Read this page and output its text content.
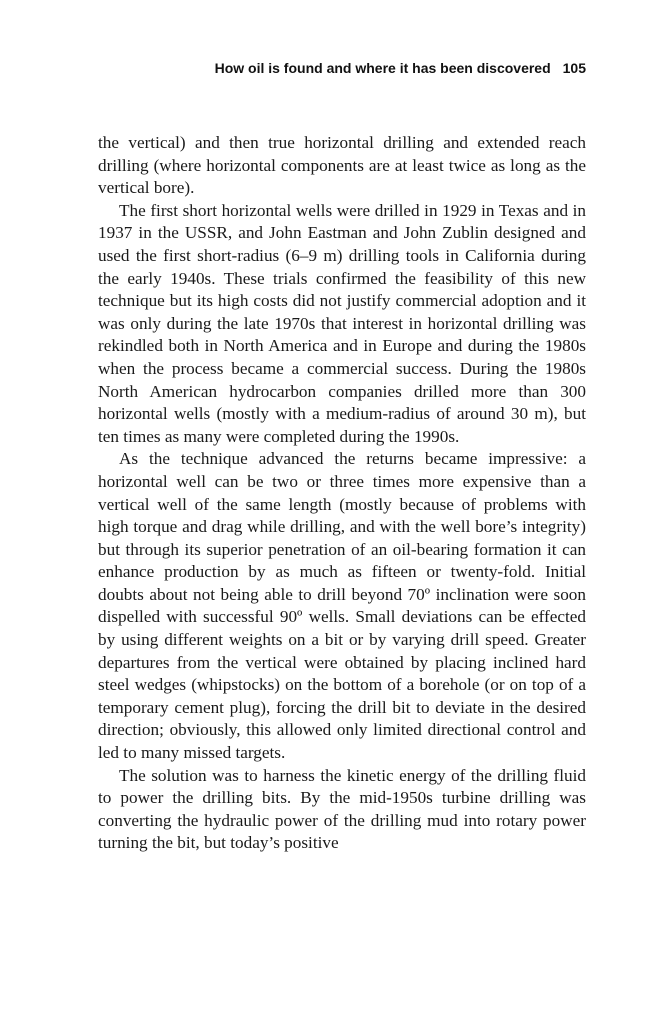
How oil is found and where it has been discovered 105

the vertical) and then true horizontal drilling and extended reach drilling (where horizontal components are at least twice as long as the vertical bore).

The first short horizontal wells were drilled in 1929 in Texas and in 1937 in the USSR, and John Eastman and John Zublin designed and used the first short-radius (6–9 m) drilling tools in California during the early 1940s. These trials confirmed the feasibility of this new technique but its high costs did not justify commercial adoption and it was only during the late 1970s that interest in horizontal drilling was rekindled both in North America and in Europe and during the 1980s when the process became a commercial success. During the 1980s North American hydrocarbon companies drilled more than 300 horizontal wells (mostly with a medium-radius of around 30 m), but ten times as many were completed during the 1990s.

As the technique advanced the returns became impressive: a horizontal well can be two or three times more expensive than a vertical well of the same length (mostly because of problems with high torque and drag while drilling, and with the well bore’s integrity) but through its superior penetration of an oil-bearing formation it can enhance production by as much as fifteen or twenty-fold. Initial doubts about not being able to drill beyond 70º inclination were soon dispelled with successful 90º wells. Small deviations can be effected by using different weights on a bit or by varying drill speed. Greater departures from the vertical were obtained by placing inclined hard steel wedges (whipstocks) on the bottom of a borehole (or on top of a temporary cement plug), forcing the drill bit to deviate in the desired direction; obviously, this allowed only limited directional control and led to many missed targets.

The solution was to harness the kinetic energy of the drilling fluid to power the drilling bits. By the mid-1950s turbine drilling was converting the hydraulic power of the drilling mud into rotary power turning the bit, but today’s positive
